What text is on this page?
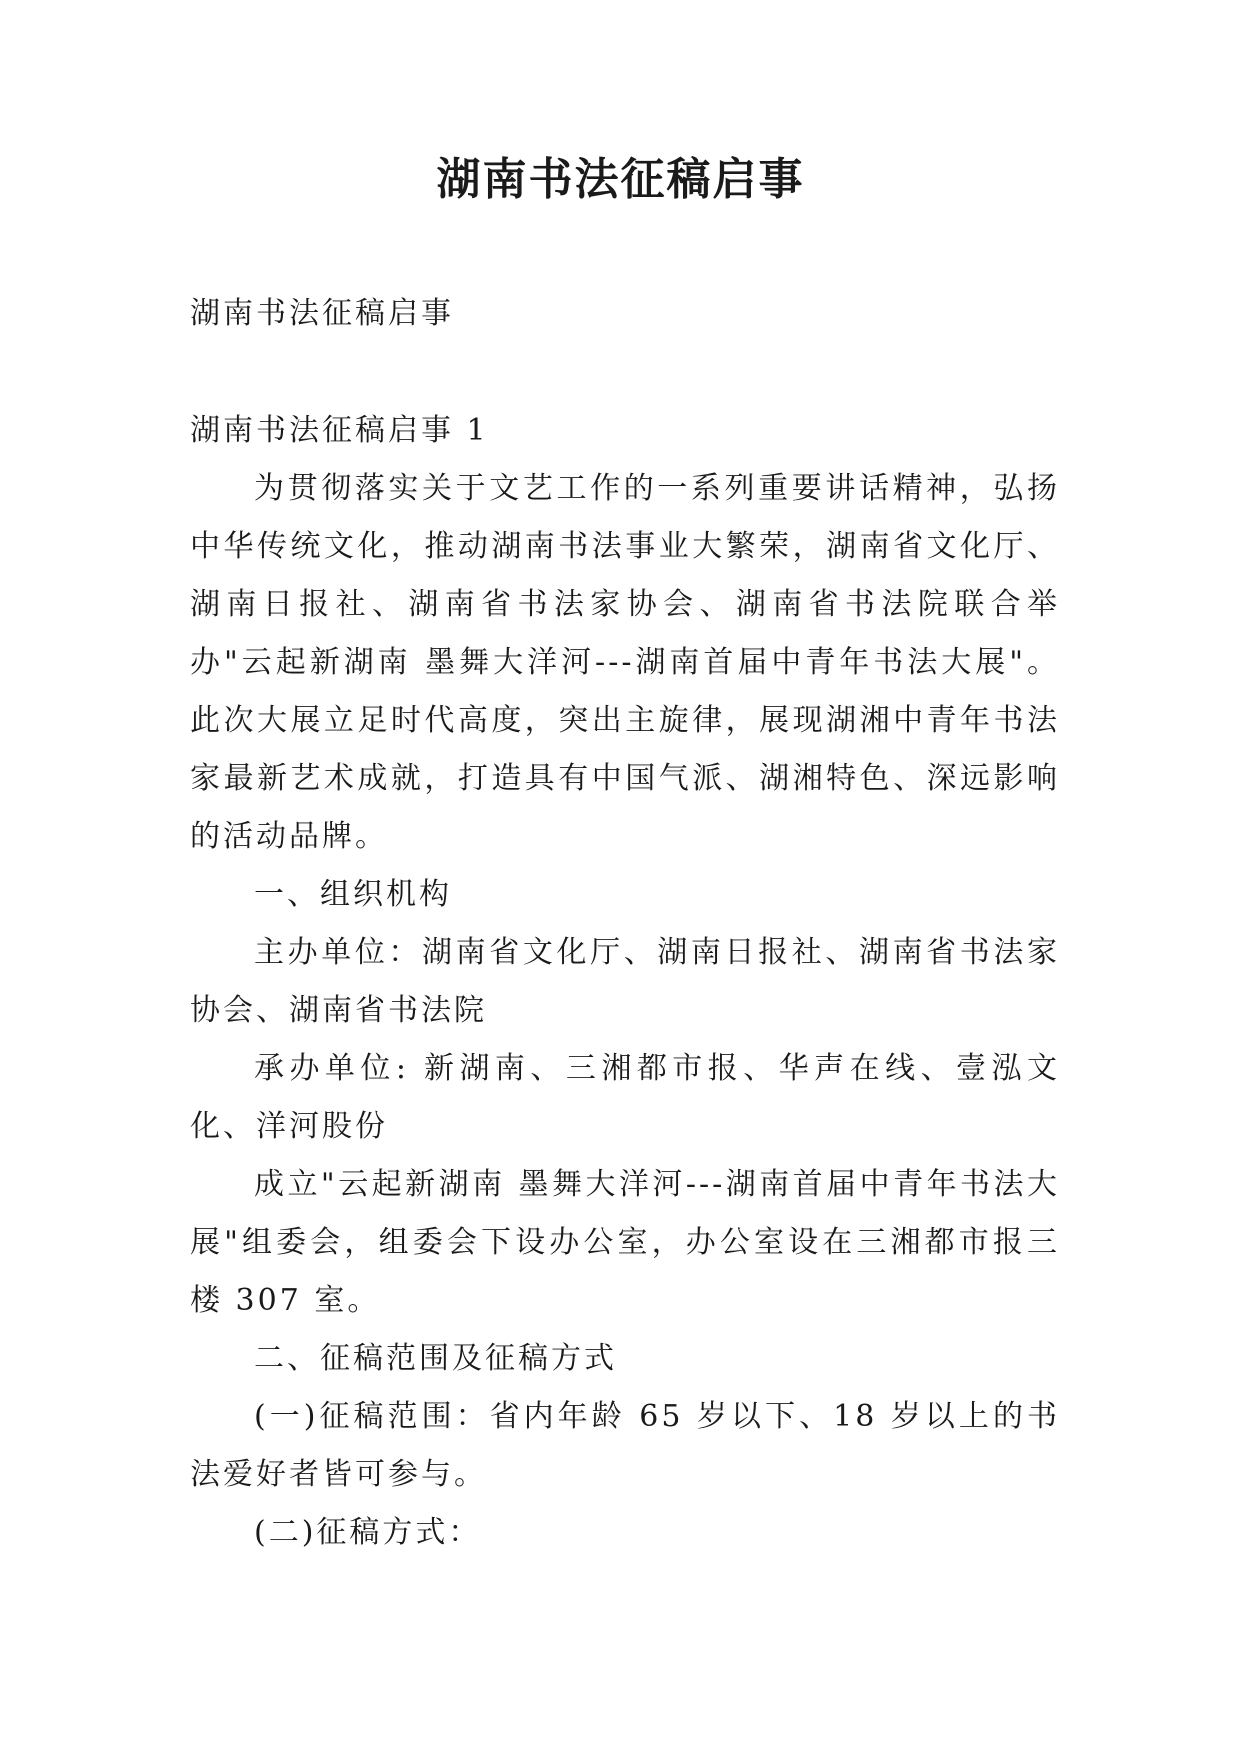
湖南书法征稿启事

湖南书法征稿启事

湖南书法征稿启事 1

为贯彻落实关于文艺工作的一系列重要讲话精神，弘扬中华传统文化，推动湖南书法事业大繁荣，湖南省文化厅、湖南日报社、湖南省书法家协会、湖南省书法院联合举办"云起新湖南 墨舞大洋河---湖南首届中青年书法大展"。此次大展立足时代高度，突出主旋律，展现湖湘中青年书法家最新艺术成就，打造具有中国气派、湖湘特色、深远影响的活动品牌。

一、组织机构

主办单位：湖南省文化厅、湖南日报社、湖南省书法家协会、湖南省书法院

承办单位: 新湖南、三湘都市报、华声在线、壹泓文化、洋河股份

成立"云起新湖南 墨舞大洋河---湖南首届中青年书法大展"组委会，组委会下设办公室，办公室设在三湘都市报三楼 307 室。

二、征稿范围及征稿方式

(一)征稿范围：省内年龄 65 岁以下、18 岁以上的书法爱好者皆可参与。

(二)征稿方式：
